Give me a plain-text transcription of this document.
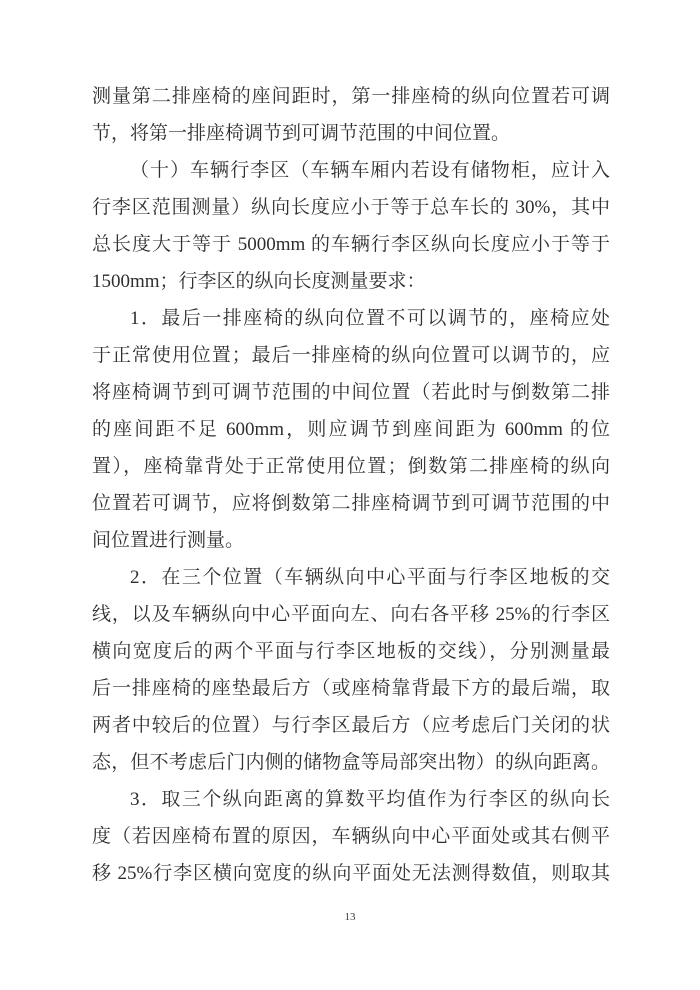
测量第二排座椅的座间距时，第一排座椅的纵向位置若可调
节，将第一排座椅调节到可调节范围的中间位置。
（十）车辆行李区（车辆车厢内若设有储物柜，应计入
行李区范围测量）纵向长度应小于等于总车长的 30%，其中
总长度大于等于 5000mm 的车辆行李区纵向长度应小于等于
1500mm；行李区的纵向长度测量要求：
1．最后一排座椅的纵向位置不可以调节的，座椅应处
于正常使用位置；最后一排座椅的纵向位置可以调节的，应
将座椅调节到可调节范围的中间位置（若此时与倒数第二排
的座间距不足 600mm，则应调节到座间距为 600mm 的位
置），座椅靠背处于正常使用位置；倒数第二排座椅的纵向
位置若可调节，应将倒数第二排座椅调节到可调节范围的中
间位置进行测量。
2．在三个位置（车辆纵向中心平面与行李区地板的交
线，以及车辆纵向中心平面向左、向右各平移 25%的行李区
横向宽度后的两个平面与行李区地板的交线），分别测量最
后一排座椅的座垫最后方（或座椅靠背最下方的最后端，取
两者中较后的位置）与行李区最后方（应考虑后门关闭的状
态，但不考虑后门内侧的储物盒等局部突出物）的纵向距离。
3．取三个纵向距离的算数平均值作为行李区的纵向长
度（若因座椅布置的原因，车辆纵向中心平面处或其右侧平
移 25%行李区横向宽度的纵向平面处无法测得数值，则取其
13
